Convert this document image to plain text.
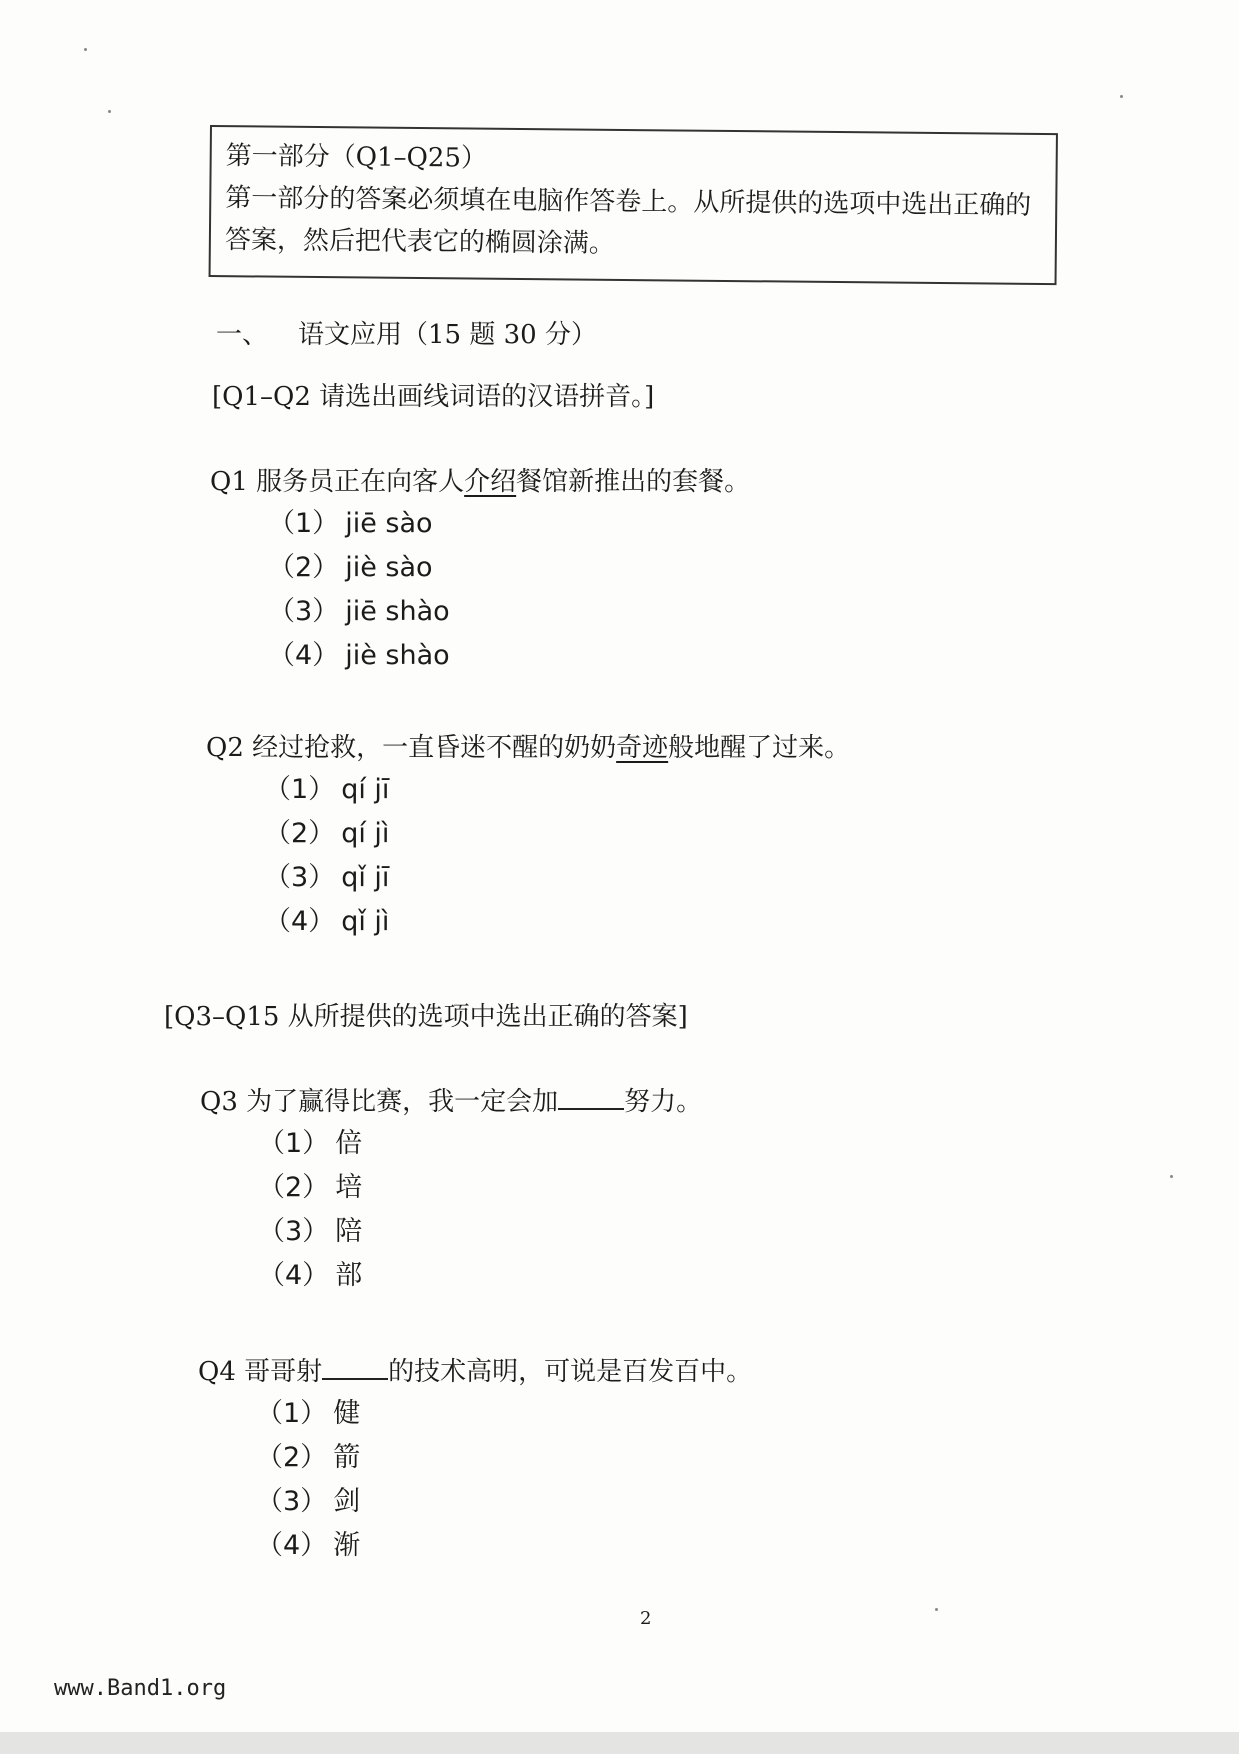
第一部分（Q1–Q25）
第一部分的答案必须填在电脑作答卷上。从所提供的选项中选出正确的答案，然后把代表它的椭圆涂满。
一、 语文应用（15 题 30 分）
[Q1–Q2 请选出画线词语的汉语拼音。]
Q1 服务员正在向客人介绍餐馆新推出的套餐。
（1） jiē sào
（2） jiè sào
（3） jiē shào
（4） jiè shào
Q2 经过抢救，一直昏迷不醒的奶奶奇迹般地醒了过来。
（1） qí jī
（2） qí jì
（3） qǐ jī
（4） qǐ jì
[Q3–Q15 从所提供的选项中选出正确的答案]
Q3 为了赢得比赛，我一定会加	努力。
（1） 倍
（2） 培
（3） 陪
（4） 部
Q4 哥哥射	的技术高明，可说是百发百中。
（1） 健
（2） 箭
（3） 剑
（4） 渐
2
www.Band1.org
